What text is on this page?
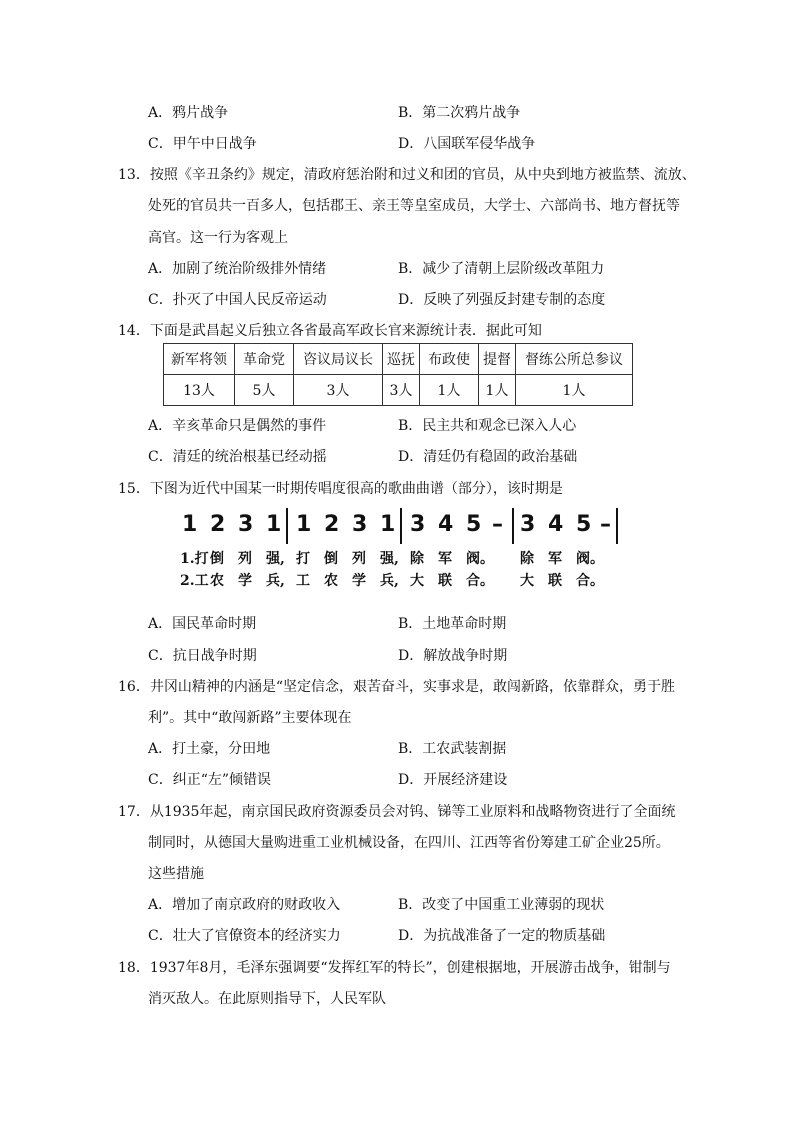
A．鸦片战争	B．第二次鸦片战争
C．甲午中日战争	D．八国联军侵华战争
13．按照《辛丑条约》规定，清政府惩治附和过义和团的官员，从中央到地方被监禁、流放、
处死的官员共一百多人，包括郡王、亲王等皇室成员，大学士、六部尚书、地方督抚等
高官。这一行为客观上
A．加剧了统治阶级排外情绪	B．减少了清朝上层阶级改革阻力
C．扑灭了中国人民反帝运动	D．反映了列强反封建专制的态度
14．下面是武昌起义后独立各省最高军政长官来源统计表．据此可知
新军将领	革命党	咨议局议长	巡抚	布政使	提督	督练公所总参议
13人	5人	3人	3人	1人	1人	1人
A．辛亥革命只是偶然的事件	B．民主共和观念已深入人心
C．清廷的统治根基已经动摇	D．清廷仍有稳固的政治基础
15．下图为近代中国某一时期传唱度很高的歌曲曲谱（部分），该时期是
1 2 3 1 1 2 3 1 3 4 5 – 3 4 5 –
1.打 倒 列 强, 打 倒 列 强, 除 军 阀。 除 军 阀。
2.工 农 学 兵, 工 农 学 兵, 大 联 合。 大 联 合。
A．国民革命时期	B．土地革命时期
C．抗日战争时期	D．解放战争时期
16．井冈山精神的内涵是“坚定信念，艰苦奋斗，实事求是，敢闯新路，依靠群众，勇于胜
利”。其中“敢闯新路”主要体现在
A．打土豪，分田地	B．工农武装割据
C．纠正“左”倾错误	D．开展经济建设
17．从1935年起，南京国民政府资源委员会对钨、锑等工业原料和战略物资进行了全面统
制同时，从德国大量购进重工业机械设备，在四川、江西等省份筹建工矿企业25所。
这些措施
A．增加了南京政府的财政收入	B．改变了中国重工业薄弱的现状
C．壮大了官僚资本的经济实力	D．为抗战准备了一定的物质基础
18．1937年8月，毛泽东强调要“发挥红军的特长”，创建根据地，开展游击战争，钳制与
消灭敌人。在此原则指导下，人民军队
